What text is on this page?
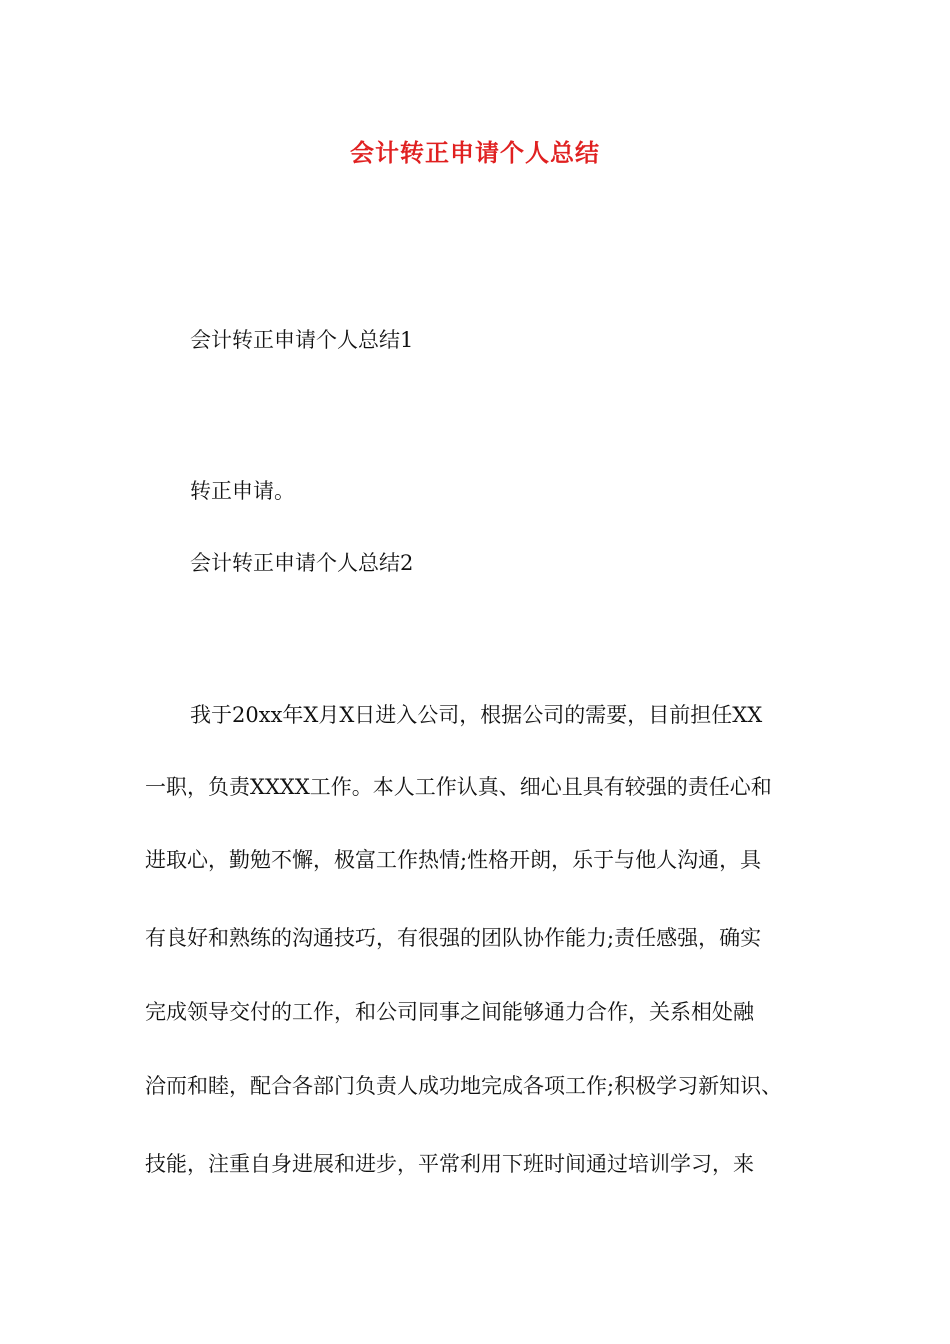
会计转正申请个人总结
会计转正申请个人总结1
转正申请。
会计转正申请个人总结2
我于20xx年X月X日进入公司，根据公司的需要，目前担任XX
一职，负责XXXX工作。本人工作认真、细心且具有较强的责任心和
进取心，勤勉不懈，极富工作热情;性格开朗，乐于与他人沟通，具
有良好和熟练的沟通技巧，有很强的团队协作能力;责任感强，确实
完成领导交付的工作，和公司同事之间能够通力合作，关系相处融
洽而和睦，配合各部门负责人成功地完成各项工作;积极学习新知识、
技能，注重自身进展和进步，平常利用下班时间通过培训学习，来
